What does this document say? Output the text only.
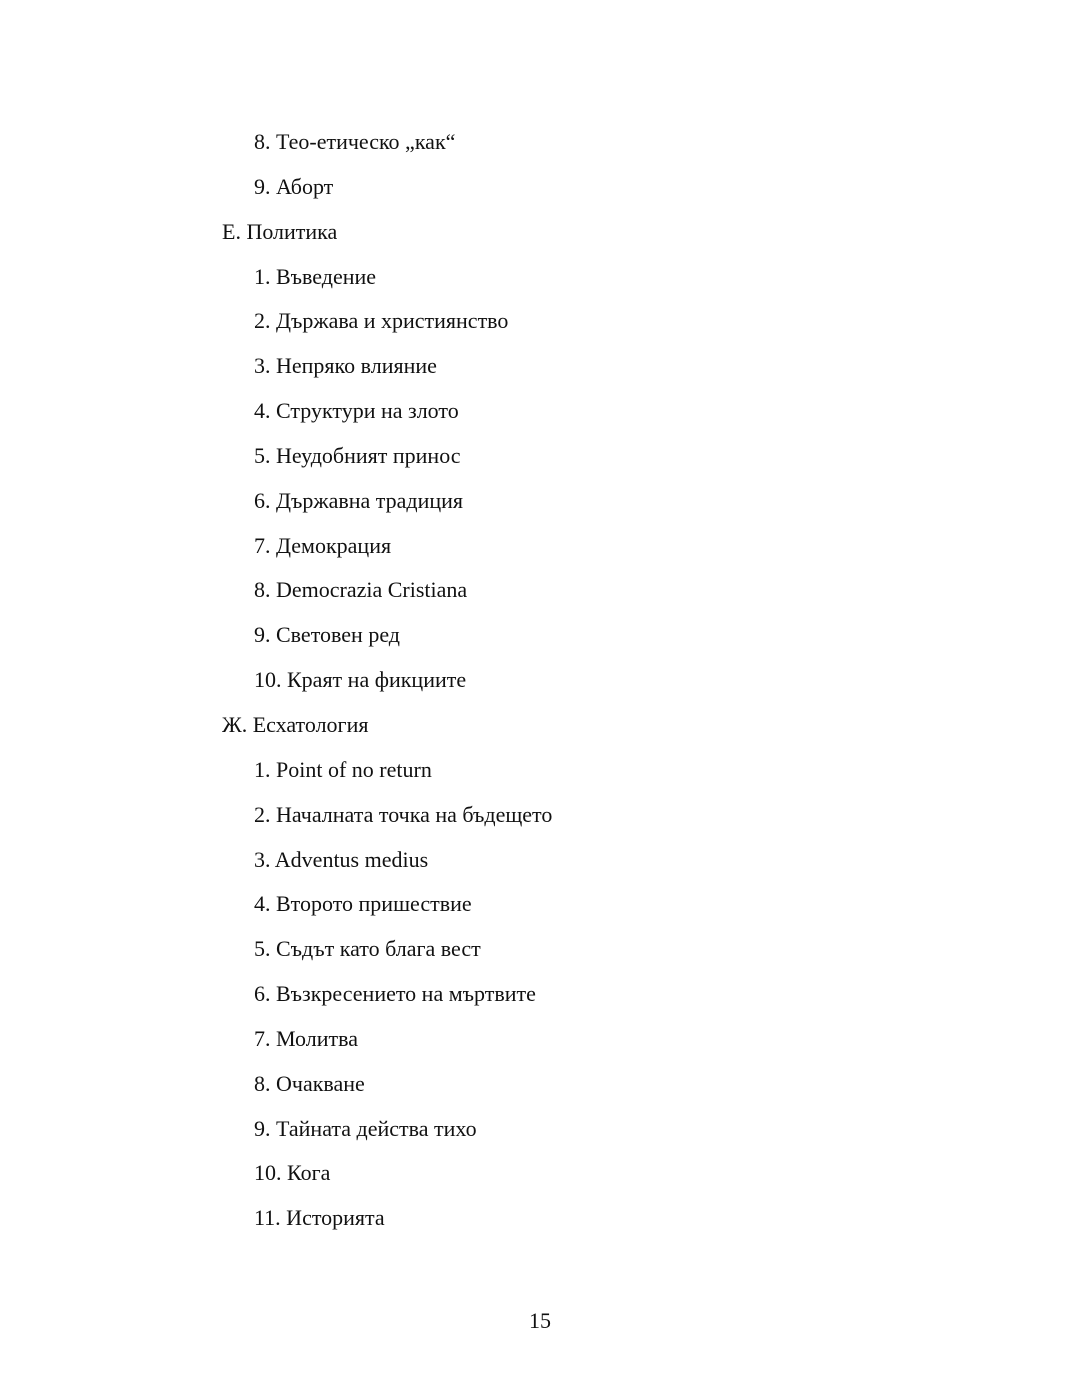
8. Тео-етическо „как“
9. Аборт
Е. Политика
1. Въведение
2. Държава и християнство
3. Непряко влияние
4. Структури на злото
5. Неудобният принос
6. Държавна традиция
7. Демокрация
8. Democrazia Cristiana
9. Световен ред
10. Краят на фикциите
Ж. Есхатология
1. Point of no return
2. Началната точка на бъдещето
3. Adventus medius
4. Второто пришествие
5. Съдът като блага вест
6. Възкресението на мъртвите
7. Молитва
8. Очакване
9. Тайната действа тихо
10. Кога
11. Историята
15
